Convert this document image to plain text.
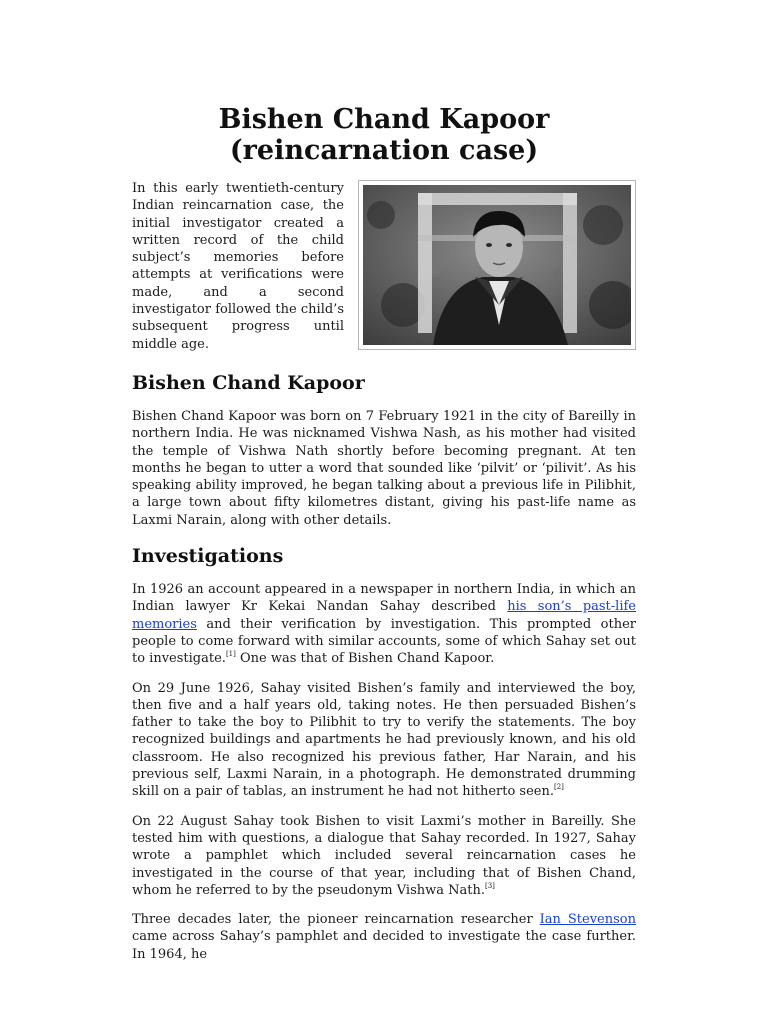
Bishen Chand Kapoor (reincarnation case)

In this early twentieth-century Indian reincarnation case, the initial investigator created a written record of the child subject’s memories before attempts at verifications were made, and a second investigator followed the child’s subsequent progress until middle age.

Bishen Chand Kapoor

Bishen Chand Kapoor was born on 7 February 1921 in the city of Bareilly in northern India. He was nicknamed Vishwa Nash, as his mother had visited the temple of Vishwa Nath shortly before becoming pregnant. At ten months he began to utter a word that sounded like ‘pilvit’ or ‘pilivit’. As his speaking ability improved, he began talking about a previous life in Pilibhit, a large town about fifty kilometres distant, giving his past-life name as Laxmi Narain, along with other details.

Investigations

In 1926 an account appeared in a newspaper in northern India, in which an Indian lawyer Kr Kekai Nandan Sahay described his son’s past-life memories and their verification by investigation. This prompted other people to come forward with similar accounts, some of which Sahay set out to investigate.[1] One was that of Bishen Chand Kapoor.

On 29 June 1926, Sahay visited Bishen’s family and interviewed the boy, then five and a half years old, taking notes. He then persuaded Bishen’s father to take the boy to Pilibhit to try to verify the statements. The boy recognized buildings and apartments he had previously known, and his old classroom. He also recognized his previous father, Har Narain, and his previous self, Laxmi Narain, in a photograph. He demonstrated drumming skill on a pair of tablas, an instrument he had not hitherto seen.[2]

On 22 August Sahay took Bishen to visit Laxmi’s mother in Bareilly. She tested him with questions, a dialogue that Sahay recorded. In 1927, Sahay wrote a pamphlet which included several reincarnation cases he investigated in the course of that year, including that of Bishen Chand, whom he referred to by the pseudonym Vishwa Nath.[3]

Three decades later, the pioneer reincarnation researcher Ian Stevenson came across Sahay’s pamphlet and decided to investigate the case further. In 1964, he
